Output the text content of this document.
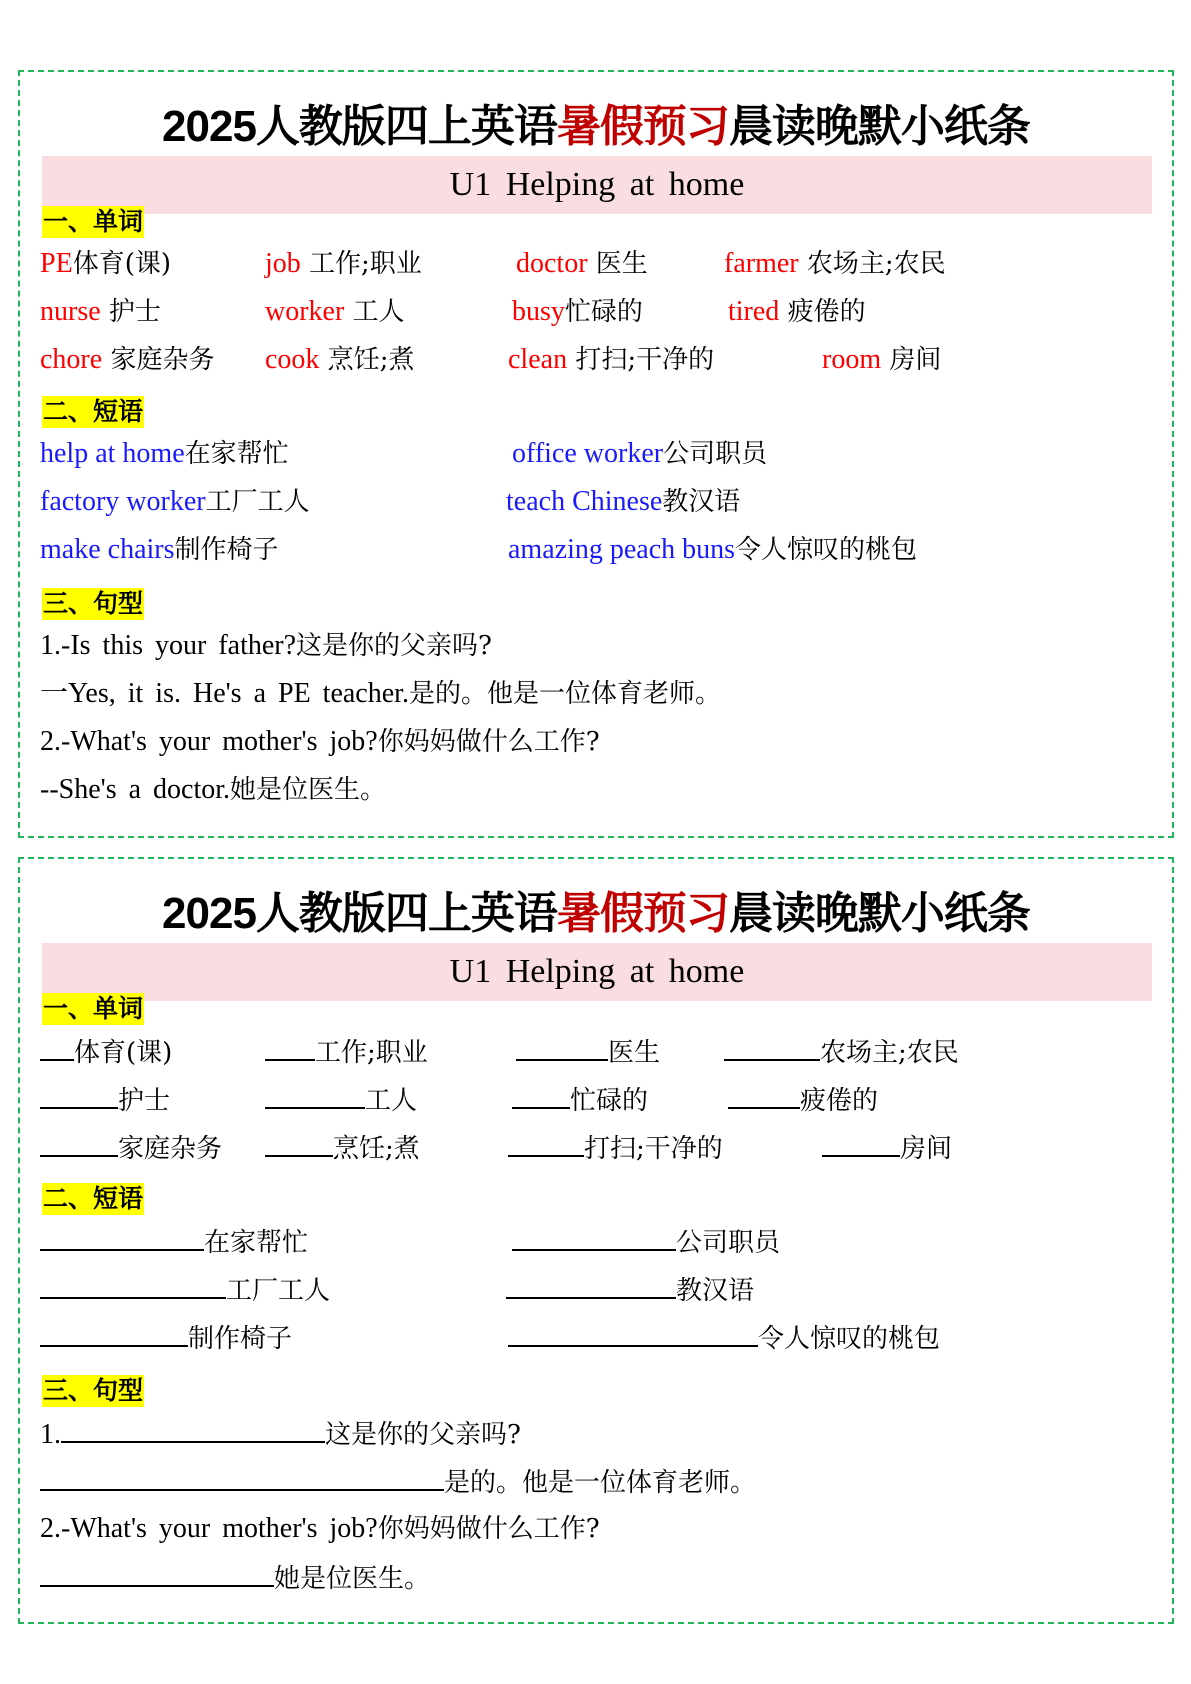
2025人教版四上英语暑假预习晨读晚默小纸条
U1 Helping at home
一、单词
PE体育(课)	job 工作;职业	doctor 医生	farmer 农场主;农民
nurse 护士	worker 工人	busy忙碌的	tired 疲倦的
chore 家庭杂务 cook 烹饪;煮	clean 打扫;干净的	room 房间
二、短语
help at home在家帮忙	office worker公司职员
factory worker工厂工人	teach Chinese教汉语
make chairs制作椅子	amazing peach buns令人惊叹的桃包
三、句型
1.-Is this your father?这是你的父亲吗?
一Yes, it is. He's a PE teacher.是的。他是一位体育老师。
2.-What's your mother's job?你妈妈做什么工作?
--She's a doctor.她是位医生。
2025人教版四上英语暑假预习晨读晚默小纸条
U1 Helping at home
一、单词
体育(课)	工作;职业	医生	农场主;农民
护士	工人	忙碌的	疲倦的
家庭杂务	烹饪;煮	打扫;干净的	房间
二、短语
在家帮忙	公司职员
工厂工人	教汉语
制作椅子	令人惊叹的桃包
三、句型
1.	这是你的父亲吗?
是的。他是一位体育老师。
2.-What's your mother's job?你妈妈做什么工作?
她是位医生。
